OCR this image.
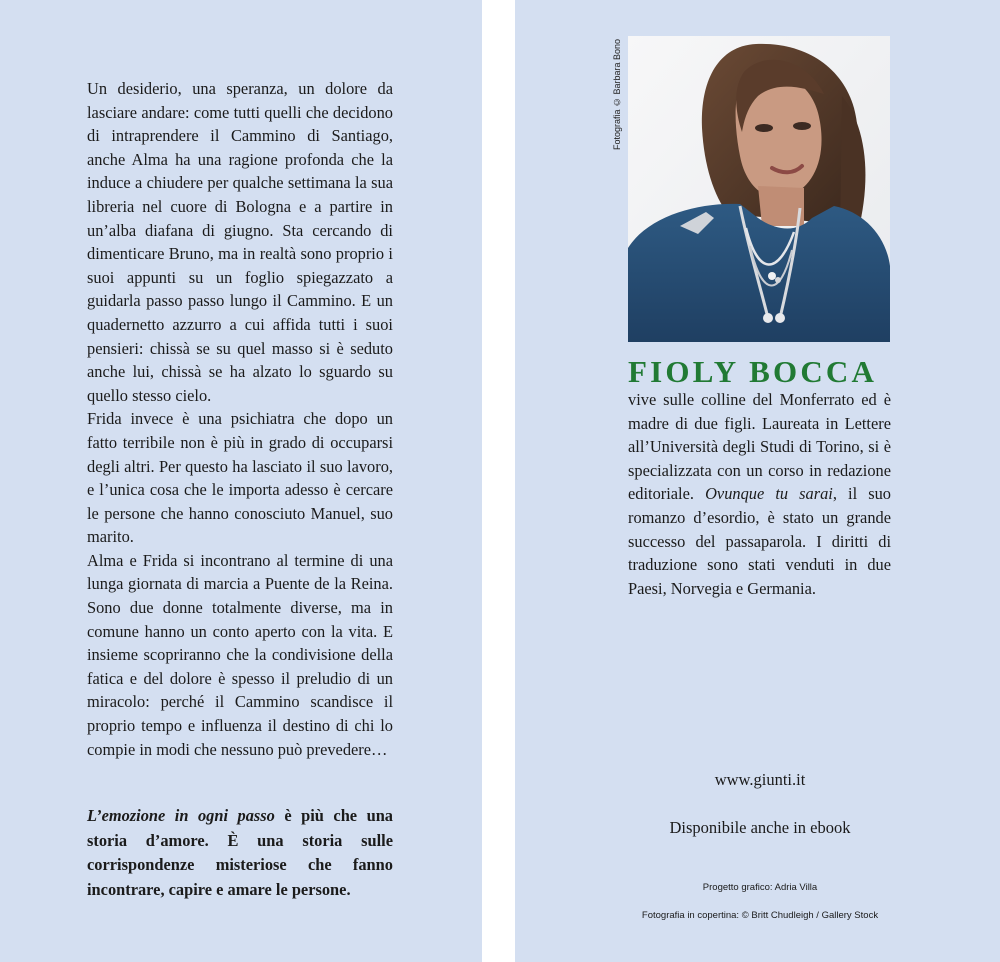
Un desiderio, una speranza, un dolore da lasciare andare: come tutti quelli che decidono di intraprendere il Cammino di Santiago, anche Alma ha una ragione profonda che la induce a chiudere per qualche settimana la sua libreria nel cuore di Bologna e a partire in un’alba diafana di giugno. Sta cercando di dimenticare Bruno, ma in realtà sono proprio i suoi appunti su un foglio spiegazzato a guidarla passo passo lungo il Cammino. E un quadernetto azzurro a cui affida tutti i suoi pensieri: chissà se su quel masso si è seduto anche lui, chissà se ha alzato lo sguardo su quello stesso cielo.

Frida invece è una psichiatra che dopo un fatto terribile non è più in grado di occuparsi degli altri. Per questo ha lasciato il suo lavoro, e l’unica cosa che le importa adesso è cercare le persone che hanno conosciuto Manuel, suo marito.

Alma e Frida si incontrano al termine di una lunga giornata di marcia a Puente de la Reina. Sono due donne totalmente diverse, ma in comune hanno un conto aperto con la vita. E insieme scopriranno che la condivisione della fatica e del dolore è spesso il preludio di un miracolo: perché il Cammino scandisce il proprio tempo e influenza il destino di chi lo compie in modi che nessuno può prevedere…

L’emozione in ogni passo è più che una storia d’amore. È una storia sulle corrispondenze misteriose che fanno incontrare, capire e amare le persone.
Fotografia © Barbara Bono
FIOLY BOCCA
vive sulle colline del Monferrato ed è madre di due figli. Laureata in Lettere all’Università degli Studi di Torino, si è specializzata con un corso in redazione editoriale. Ovunque tu sarai, il suo romanzo d’esordio, è stato un grande successo del passaparola. I diritti di traduzione sono stati venduti in due Paesi, Norvegia e Germania.
www.giunti.it
Disponibile anche in ebook
Progetto grafico: Adria Villa
Fotografia in copertina: © Britt Chudleigh / Gallery Stock
